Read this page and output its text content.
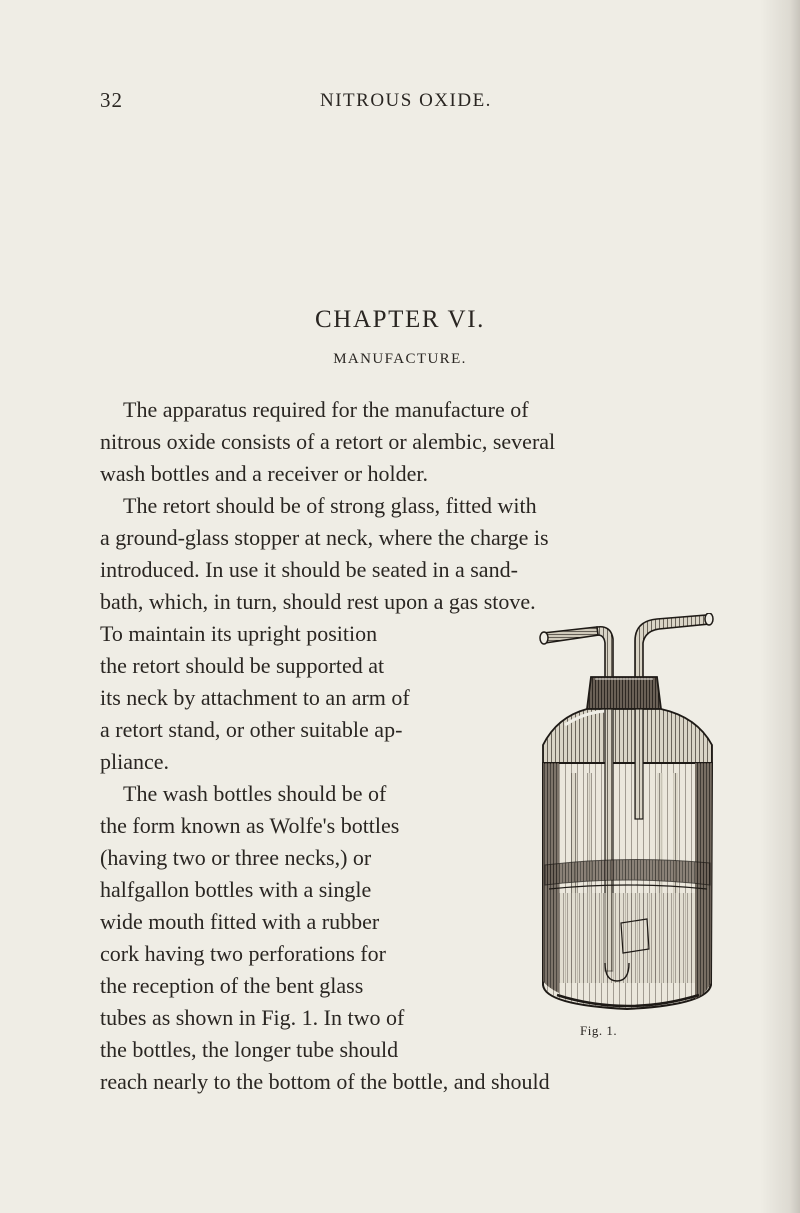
32	NITROUS OXIDE.
CHAPTER VI.
MANUFACTURE.
The apparatus required for the manufacture of
nitrous oxide consists of a retort or alembic, several
wash bottles and a receiver or holder.
The retort should be of strong glass, fitted with
a ground-glass stopper at neck, where the charge is
introduced. In use it should be seated in a sand-
bath, which, in turn, should rest upon a gas stove.
To maintain its upright position
the retort should be supported at
its neck by attachment to an arm of
a retort stand, or other suitable ap-
pliance.
The wash bottles should be of
the form known as Wolfe's bottles
(having two or three necks,) or
halfgallon bottles with a single
wide mouth fitted with a rubber
cork having two perforations for
the reception of the bent glass
tubes as shown in Fig. 1. In two of
the bottles, the longer tube should
reach nearly to the bottom of the bottle, and should
Fig. 1.
